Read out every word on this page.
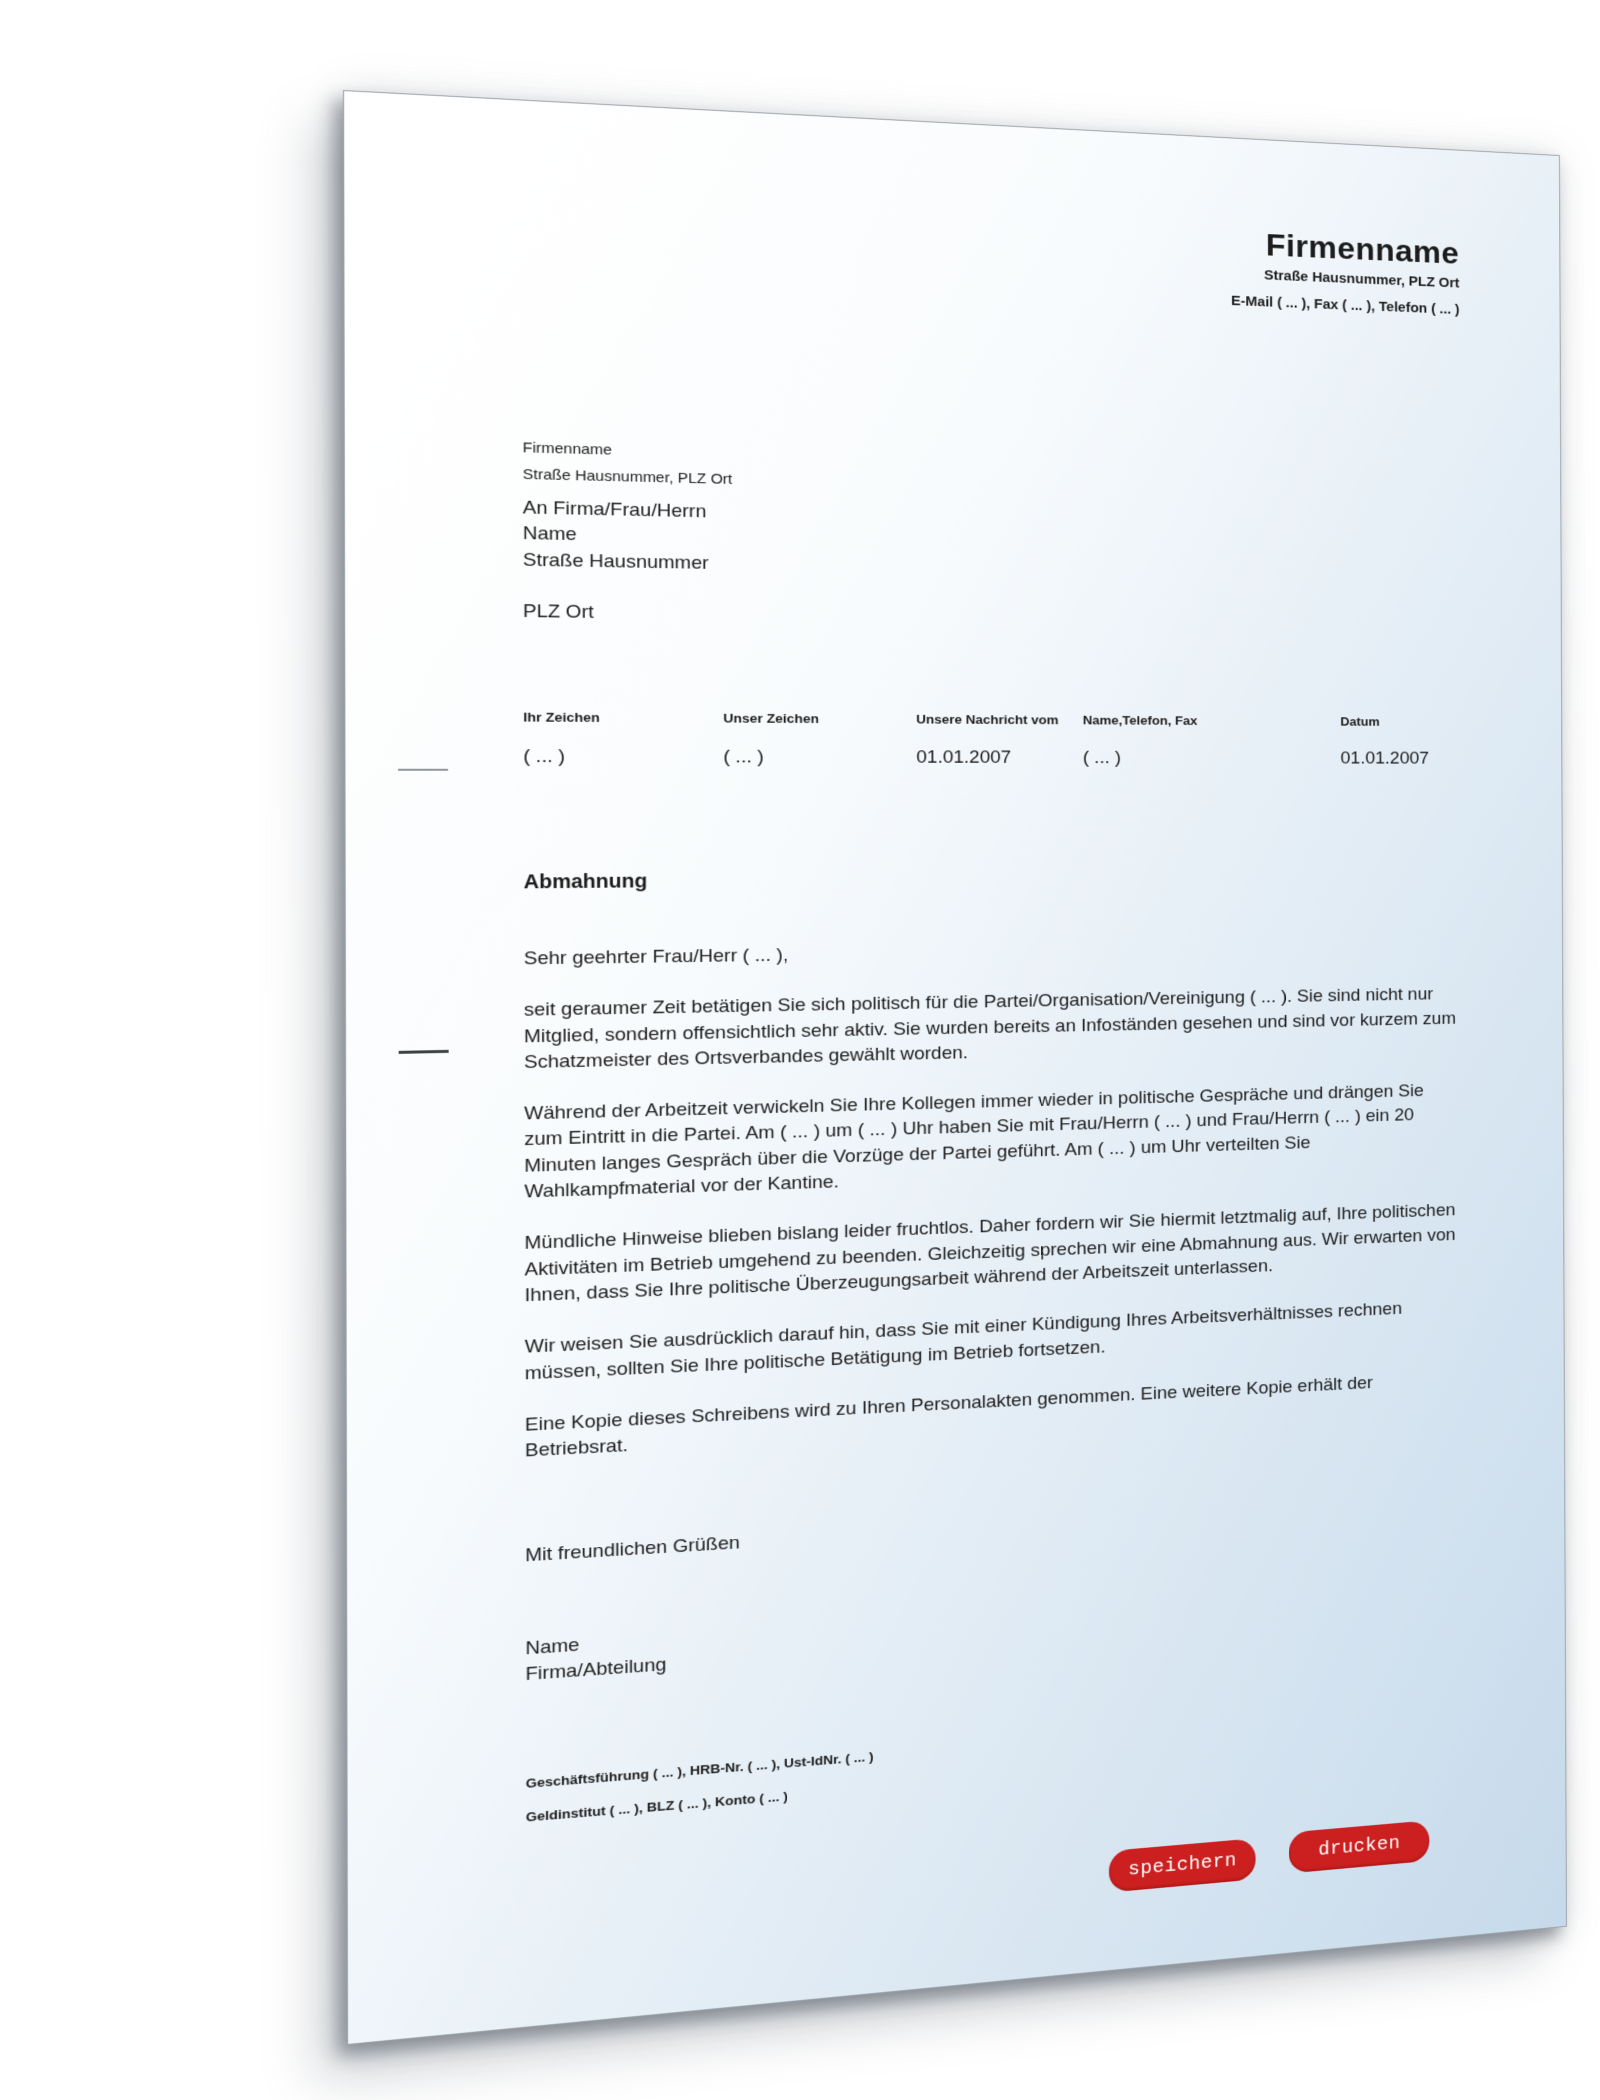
Firmenname
Straße Hausnummer, PLZ Ort
E-Mail ( ... ), Fax ( ... ), Telefon ( ... )
Firmenname
Straße Hausnummer, PLZ Ort
An Firma/Frau/Herrn
Name
Straße Hausnummer
PLZ Ort

Ihr Zeichen
( ... )

Unser Zeichen
( ... )

Unsere Nachricht vom
01.01.2007

Name,Telefon, Fax
( ... )

Datum
01.01.2007

Abmahnung

Sehr geehrter Frau/Herr ( ... ),

seit geraumer Zeit betätigen Sie sich politisch für die Partei/Organisation/Vereinigung ( ... ). Sie sind nicht nur Mitglied, sondern offensichtlich sehr aktiv. Sie wurden bereits an Infoständen gesehen und sind vor kurzem zum Schatzmeister des Ortsverbandes gewählt worden.

Während der Arbeitzeit verwickeln Sie Ihre Kollegen immer wieder in politische Gespräche und drängen Sie zum Eintritt in die Partei. Am ( ... ) um ( ... ) Uhr haben Sie mit Frau/Herrn ( ... ) und Frau/Herrn ( ... ) ein 20 Minuten langes Gespräch über die Vorzüge der Partei geführt. Am ( ... ) um Uhr verteilten Sie Wahlkampfmaterial vor der Kantine.

Mündliche Hinweise blieben bislang leider fruchtlos. Daher fordern wir Sie hiermit letztmalig auf, Ihre politischen Aktivitäten im Betrieb umgehend zu beenden. Gleichzeitig sprechen wir eine Abmahnung aus. Wir erwarten von Ihnen, dass Sie Ihre politische Überzeugungsarbeit während der Arbeitszeit unterlassen.

Wir weisen Sie ausdrücklich darauf hin, dass Sie mit einer Kündigung Ihres Arbeitsverhältnisses rechnen müssen, sollten Sie Ihre politische Betätigung im Betrieb fortsetzen.

Eine Kopie dieses Schreibens wird zu Ihren Personalakten genommen. Eine weitere Kopie erhält der Betriebsrat.

Mit freundlichen Grüßen
Name
Firma/Abteilung
Geschäftsführung ( ... ), HRB-Nr. ( ... ), Ust-IdNr. ( ... )
Geldinstitut ( ... ), BLZ ( ... ), Konto ( ... )
speichern
drucken
